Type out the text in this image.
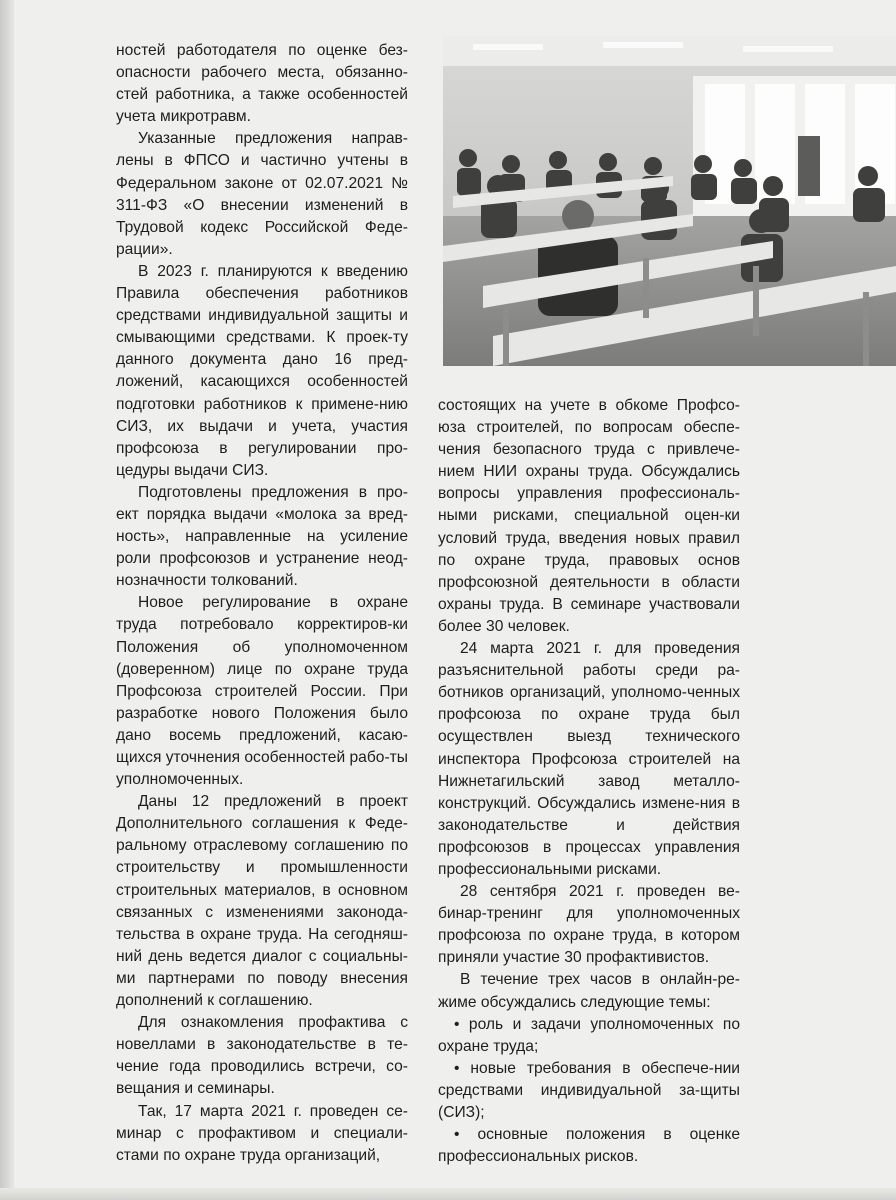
ностей работодателя по оценке без-опасности рабочего места, обязанно-стей работника, а также особенностей учета микротравм.

Указанные предложения направ-лены в ФПСО и частично учтены в Федеральном законе от 02.07.2021 № 311-ФЗ «О внесении изменений в Трудовой кодекс Российской Феде-рации».

В 2023 г. планируются к введению Правила обеспечения работников средствами индивидуальной защиты и смывающими средствами. К проек-ту данного документа дано 16 пред-ложений, касающихся особенностей подготовки работников к примене-нию СИЗ, их выдачи и учета, участия профсоюза в регулировании про-цедуры выдачи СИЗ.

Подготовлены предложения в про-ект порядка выдачи «молока за вред-ность», направленные на усиление роли профсоюзов и устранение неод-нозначности толкований.

Новое регулирование в охране труда потребовало корректиров-ки Положения об уполномоченном (доверенном) лице по охране труда Профсоюза строителей России. При разработке нового Положения было дано восемь предложений, касаю-щихся уточнения особенностей рабо-ты уполномоченных.

Даны 12 предложений в проект Дополнительного соглашения к Феде-ральному отраслевому соглашению по строительству и промышленности строительных материалов, в основном связанных с изменениями законода-тельства в охране труда. На сегодняш-ний день ведется диалог с социальны-ми партнерами по поводу внесения дополнений к соглашению.

Для ознакомления профактива с новеллами в законодательстве в те-чение года проводились встречи, со-вещания и семинары.

Так, 17 марта 2021 г. проведен се-минар с профактивом и специали-стами по охране труда организаций,

состоящих на учете в обкоме Профсо-юза строителей, по вопросам обеспе-чения безопасного труда с привлече-нием НИИ охраны труда. Обсуждались вопросы управления профессиональ-ными рисками, специальной оцен-ки условий труда, введения новых правил по охране труда, правовых основ профсоюзной деятельности в области охраны труда. В семинаре участвовали более 30 человек.

24 марта 2021 г. для проведения разъяснительной работы среди ра-ботников организаций, уполномо-ченных профсоюза по охране труда был осуществлен выезд технического инспектора Профсоюза строителей на Нижнетагильский завод металло-конструкций. Обсуждались измене-ния в законодательстве и действия профсоюзов в процессах управления профессиональными рисками.

28 сентября 2021 г. проведен ве-бинар-тренинг для уполномоченных профсоюза по охране труда, в котором приняли участие 30 профактивистов.

В течение трех часов в онлайн-ре-жиме обсуждались следующие темы:

• роль и задачи уполномоченных по охране труда;

• новые требования в обеспече-нии средствами индивидуальной за-щиты (СИЗ);

• основные положения в оценке профессиональных рисков.
